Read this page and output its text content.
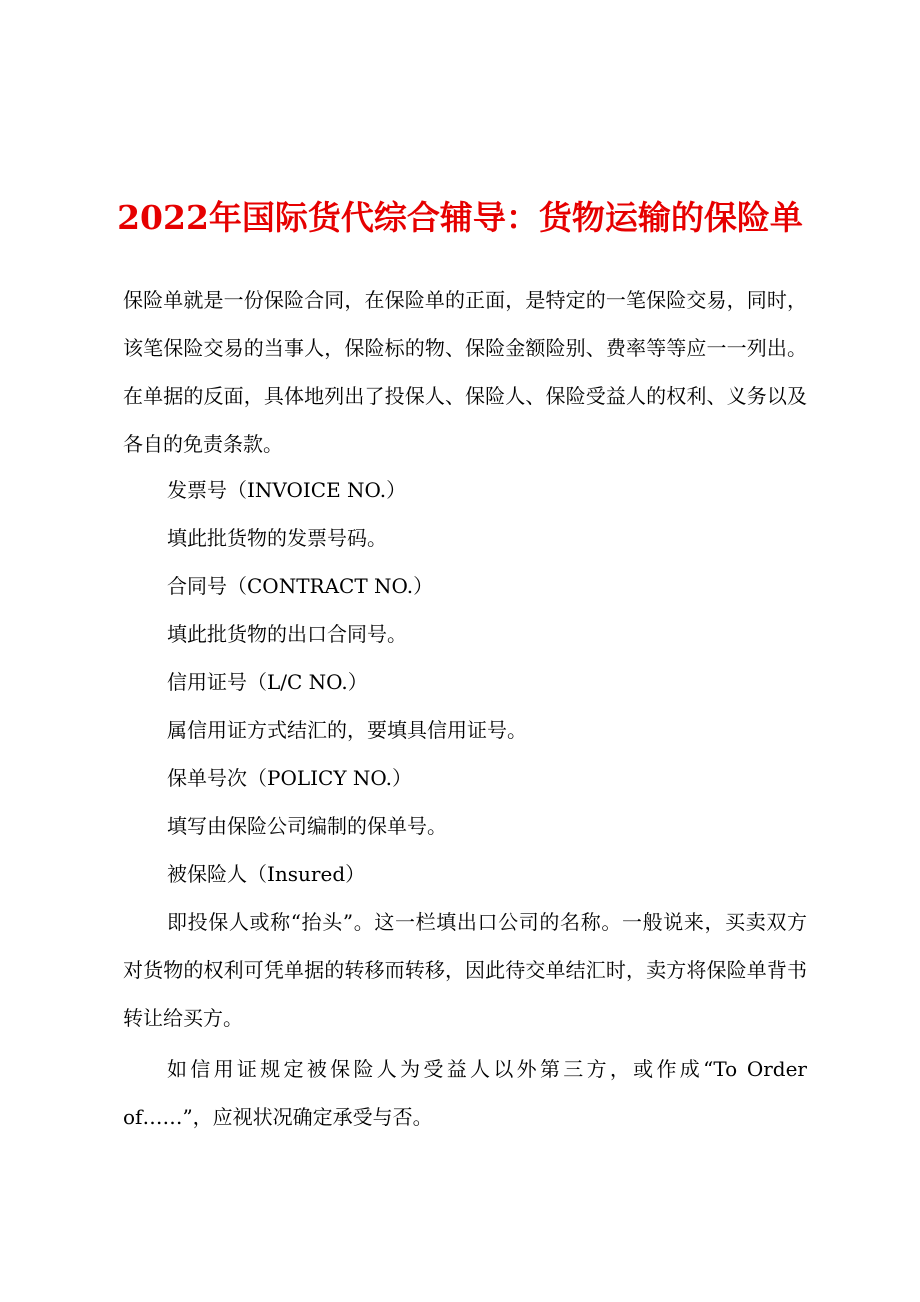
2022年国际货代综合辅导：货物运输的保险单
保险单就是一份保险合同，在保险单的正面，是特定的一笔保险交易，同时，该笔保险交易的当事人，保险标的物、保险金额险别、费率等等应一一列出。在单据的反面，具体地列出了投保人、保险人、保险受益人的权利、义务以及各自的免责条款。
发票号（INVOICE NO.）
填此批货物的发票号码。
合同号（CONTRACT NO.）
填此批货物的出口合同号。
信用证号（L/C NO.）
属信用证方式结汇的，要填具信用证号。
保单号次（POLICY NO.）
填写由保险公司编制的保单号。
被保险人（Insured）
即投保人或称“抬头”。这一栏填出口公司的名称。一般说来，买卖双方对货物的权利可凭单据的转移而转移，因此待交单结汇时，卖方将保险单背书转让给买方。
如信用证规定被保险人为受益人以外第三方，或作成“To Order of……”，应视状况确定承受与否。
